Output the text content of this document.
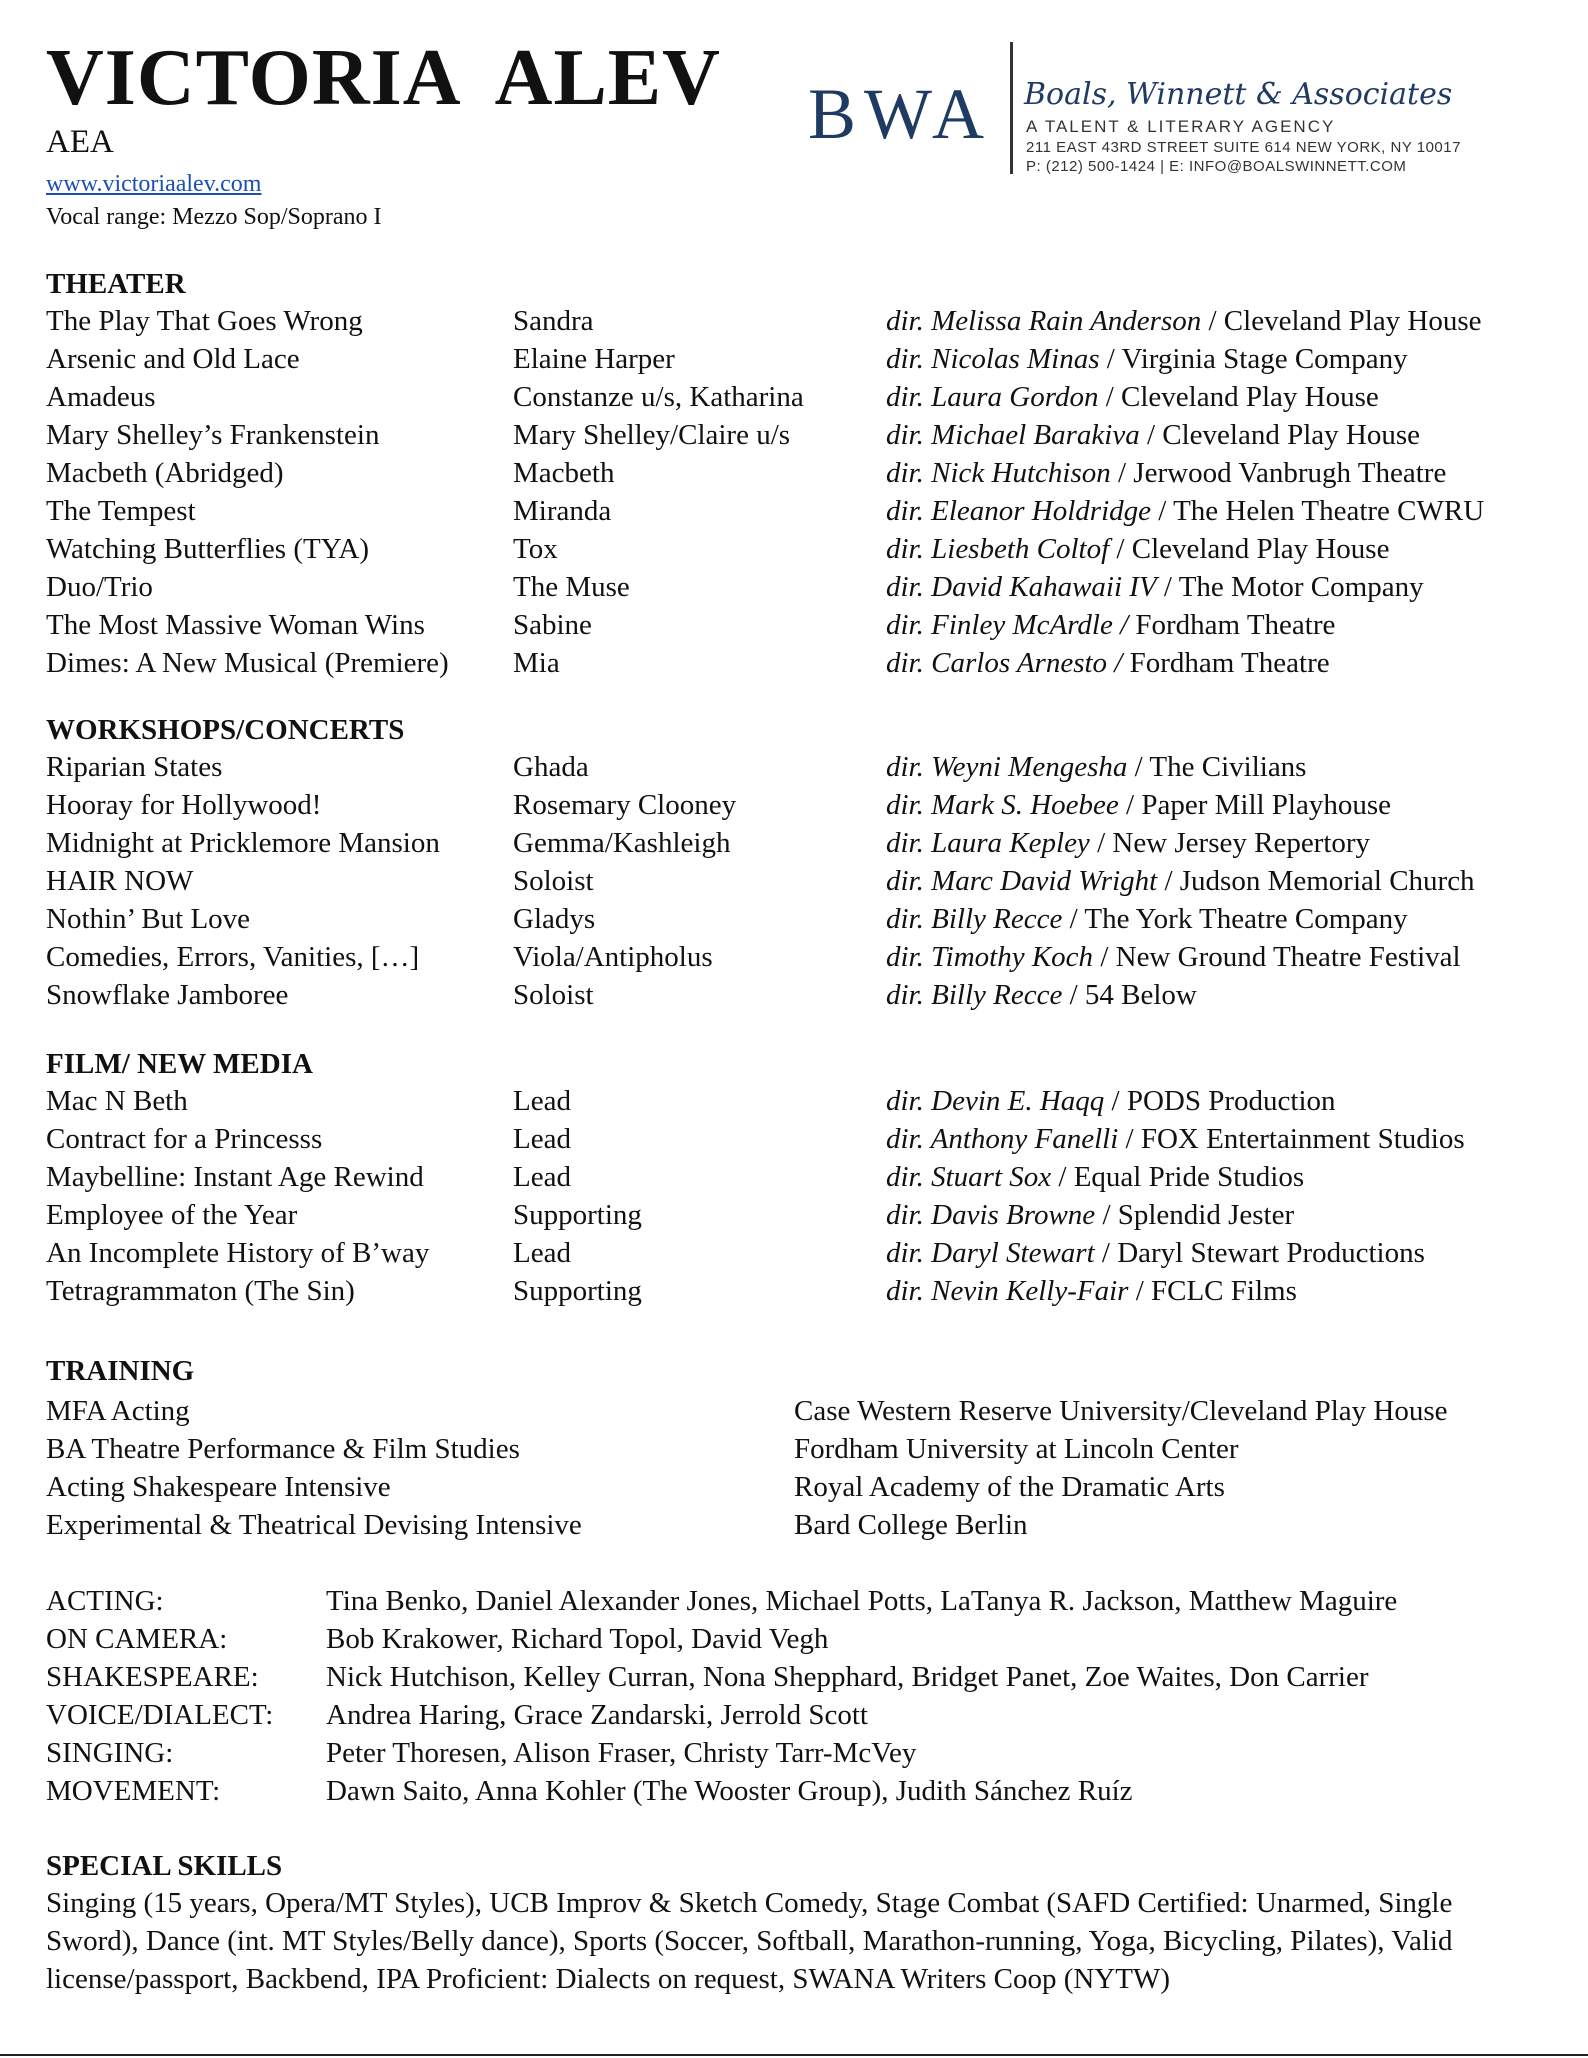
VICTORIA  ALEV
AEA
www.victoriaalev.com
Vocal range: Mezzo Sop/Soprano I
BWA Boals, Winnett & Associates
A TALENT & LITERARY AGENCY
211 EAST 43RD STREET SUITE 614 NEW YORK, NY 10017
P: (212) 500-1424 | E: INFO@BOALSWINNETT.COM
THEATER
The Play That Goes Wrong	Sandra	dir. Melissa Rain Anderson / Cleveland Play House
Arsenic and Old Lace	Elaine Harper	dir. Nicolas Minas / Virginia Stage Company
Amadeus	Constanze u/s, Katharina	dir. Laura Gordon / Cleveland Play House
Mary Shelley’s Frankenstein	Mary Shelley/Claire u/s	dir. Michael Barakiva / Cleveland Play House
Macbeth (Abridged)	Macbeth	dir. Nick Hutchison / Jerwood Vanbrugh Theatre
The Tempest	Miranda	dir. Eleanor Holdridge / The Helen Theatre CWRU
Watching Butterflies (TYA)	Tox	dir. Liesbeth Coltof / Cleveland Play House
Duo/Trio	The Muse	dir. David Kahawaii IV / The Motor Company
The Most Massive Woman Wins	Sabine	dir. Finley McArdle / Fordham Theatre
Dimes: A New Musical (Premiere) Mia	dir. Carlos Arnesto / Fordham Theatre
WORKSHOPS/CONCERTS
Riparian States	Ghada	dir. Weyni Mengesha / The Civilians
Hooray for Hollywood!	Rosemary Clooney	dir. Mark S. Hoebee / Paper Mill Playhouse
Midnight at Pricklemore Mansion	Gemma/Kashleigh	dir. Laura Kepley / New Jersey Repertory
HAIR NOW	Soloist	dir. Marc David Wright / Judson Memorial Church
Nothin’ But Love	Gladys	dir. Billy Recce / The York Theatre Company
Comedies, Errors, Vanities, […]	Viola/Antipholus	dir. Timothy Koch / New Ground Theatre Festival
Snowflake Jamboree	Soloist	dir. Billy Recce / 54 Below
FILM/ NEW MEDIA
Mac N Beth	Lead	dir. Devin E. Haqq / PODS Production
Contract for a Princesss	Lead	dir. Anthony Fanelli / FOX Entertainment Studios
Maybelline: Instant Age Rewind	Lead	dir. Stuart Sox / Equal Pride Studios
Employee of the Year	Supporting	dir. Davis Browne / Splendid Jester
An Incomplete History of B’way	Lead	dir. Daryl Stewart / Daryl Stewart Productions
Tetragrammaton (The Sin)	Supporting	dir. Nevin Kelly-Fair / FCLC Films
TRAINING
MFA Acting	Case Western Reserve University/Cleveland Play House
BA Theatre Performance & Film Studies	Fordham University at Lincoln Center
Acting Shakespeare Intensive	Royal Academy of the Dramatic Arts
Experimental & Theatrical Devising Intensive	Bard College Berlin
ACTING:	Tina Benko, Daniel Alexander Jones, Michael Potts, LaTanya R. Jackson, Matthew Maguire
ON CAMERA:	Bob Krakower, Richard Topol, David Vegh
SHAKESPEARE: Nick Hutchison, Kelley Curran, Nona Shepphard, Bridget Panet, Zoe Waites, Don Carrier
VOICE/DIALECT: Andrea Haring, Grace Zandarski, Jerrold Scott
SINGING:	Peter Thoresen, Alison Fraser, Christy Tarr-McVey
MOVEMENT:	Dawn Saito, Anna Kohler (The Wooster Group), Judith Sánchez Ruíz
SPECIAL SKILLS
Singing (15 years, Opera/MT Styles), UCB Improv & Sketch Comedy, Stage Combat (SAFD Certified: Unarmed, Single Sword), Dance (int. MT Styles/Belly dance), Sports (Soccer, Softball, Marathon-running, Yoga, Bicycling, Pilates), Valid license/passport, Backbend, IPA Proficient: Dialects on request, SWANA Writers Coop (NYTW)
